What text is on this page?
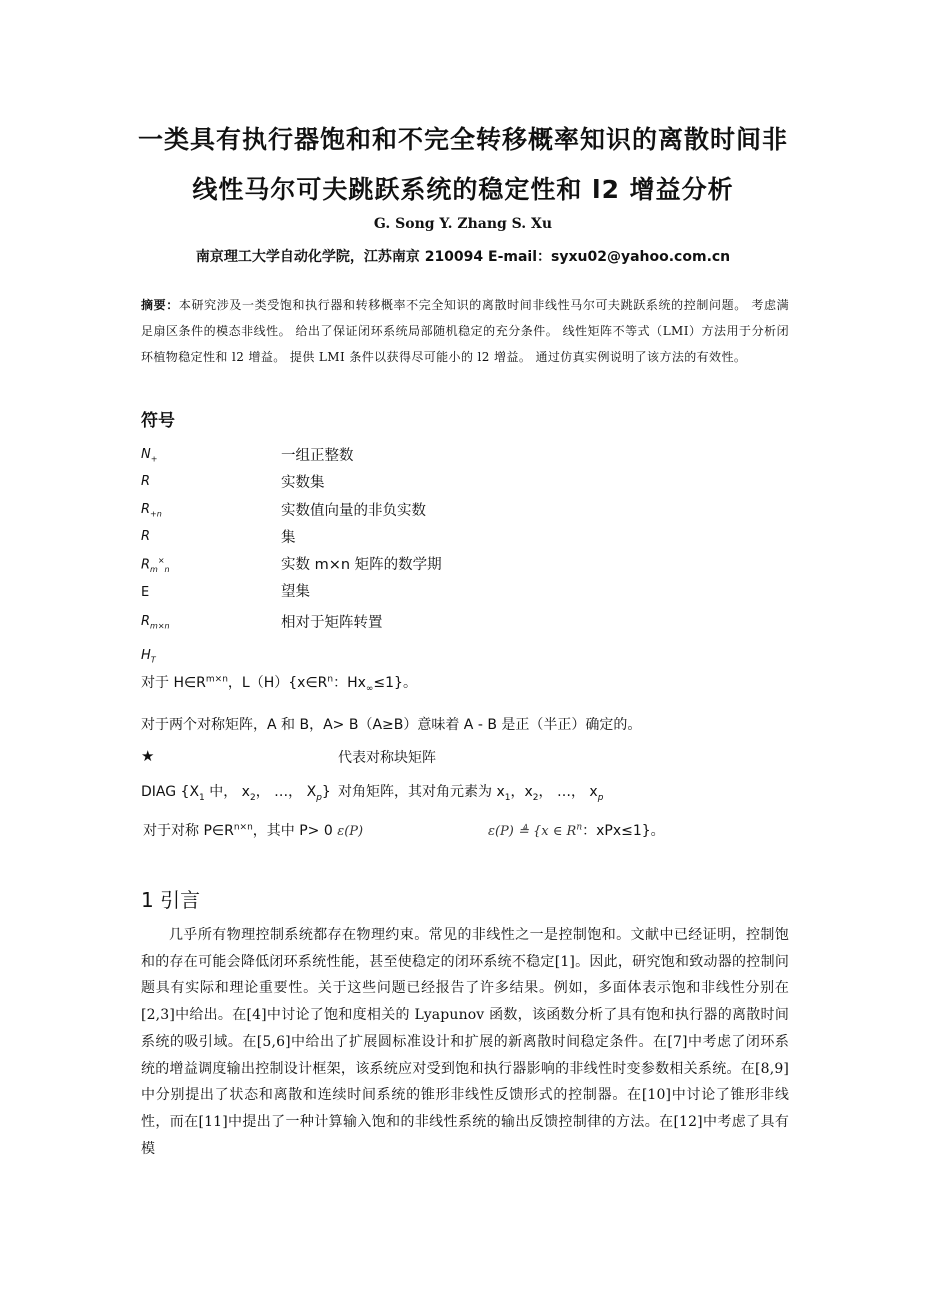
一类具有执行器饱和和不完全转移概率知识的离散时间非
线性马尔可夫跳跃系统的稳定性和 l2 增益分析
G. Song Y. Zhang S. Xu
南京理工大学自动化学院，江苏南京 210094 E-mail：syxu02@yahoo.com.cn
摘要：本研究涉及一类受饱和执行器和转移概率不完全知识的离散时间非线性马尔可夫跳跃系统的控制问题。 考虑满足扇区条件的模态非线性。 给出了保证闭环系统局部随机稳定的充分条件。 线性矩阵不等式（LMI）方法用于分析闭环植物稳定性和 l2 增益。 提供 LMI 条件以获得尽可能小的 l2 增益。 通过仿真实例说明了该方法的有效性。
符号
$N_+$	一组正整数
R	实数集
$R_{+n}$	实数值向量的非负实数
R	集
$R_m^\times_n$	实数 m×n 矩阵的数学期
E	望集
$R_{m\times n}$	相对于矩阵转置
$H_T$
对于 $H\in R^{m\times n}$，$L(H)\{x\in R^n$：$Hx_\infty\le 1$}。
对于两个对称矩阵，A 和 B，A> B（A≥B）意味着 A - B 是正（半正）确定的。
★	代表对称块矩阵
DIAG {$X_1$ 中， $x_2$， …， $X_p$} 对角矩阵，其对角元素为 $x_1$，$x_2$， …， $x_p$
对于对称 $P\in R^{n\times n}$，其中 P> 0 ε(P)	ε(P) ≜ {x ∈ $R^n$：xPx≤1}。
1 引言

几乎所有物理控制系统都存在物理约束。常见的非线性之一是控制饱和。文献中已经证明，控制饱和的存在可能会降低闭环系统性能，甚至使稳定的闭环系统不稳定[1]。因此，研究饱和致动器的控制问题具有实际和理论重要性。关于这些问题已经报告了许多结果。例如，多面体表示饱和非线性分别在[2,3]中给出。在[4]中讨论了饱和度相关的 Lyapunov 函数，该函数分析了具有饱和执行器的离散时间系统的吸引域。在[5,6]中给出了扩展圆标准设计和扩展的新离散时间稳定条件。在[7]中考虑了闭环系统的增益调度输出控制设计框架，该系统应对受到饱和执行器影响的非线性时变参数相关系统。在[8,9]中分别提出了状态和离散和连续时间系统的锥形非线性反馈形式的控制器。在[10]中讨论了锥形非线性，而在[11]中提出了一种计算输入饱和的非线性系统的输出反馈控制律的方法。在[12]中考虑了具有模
